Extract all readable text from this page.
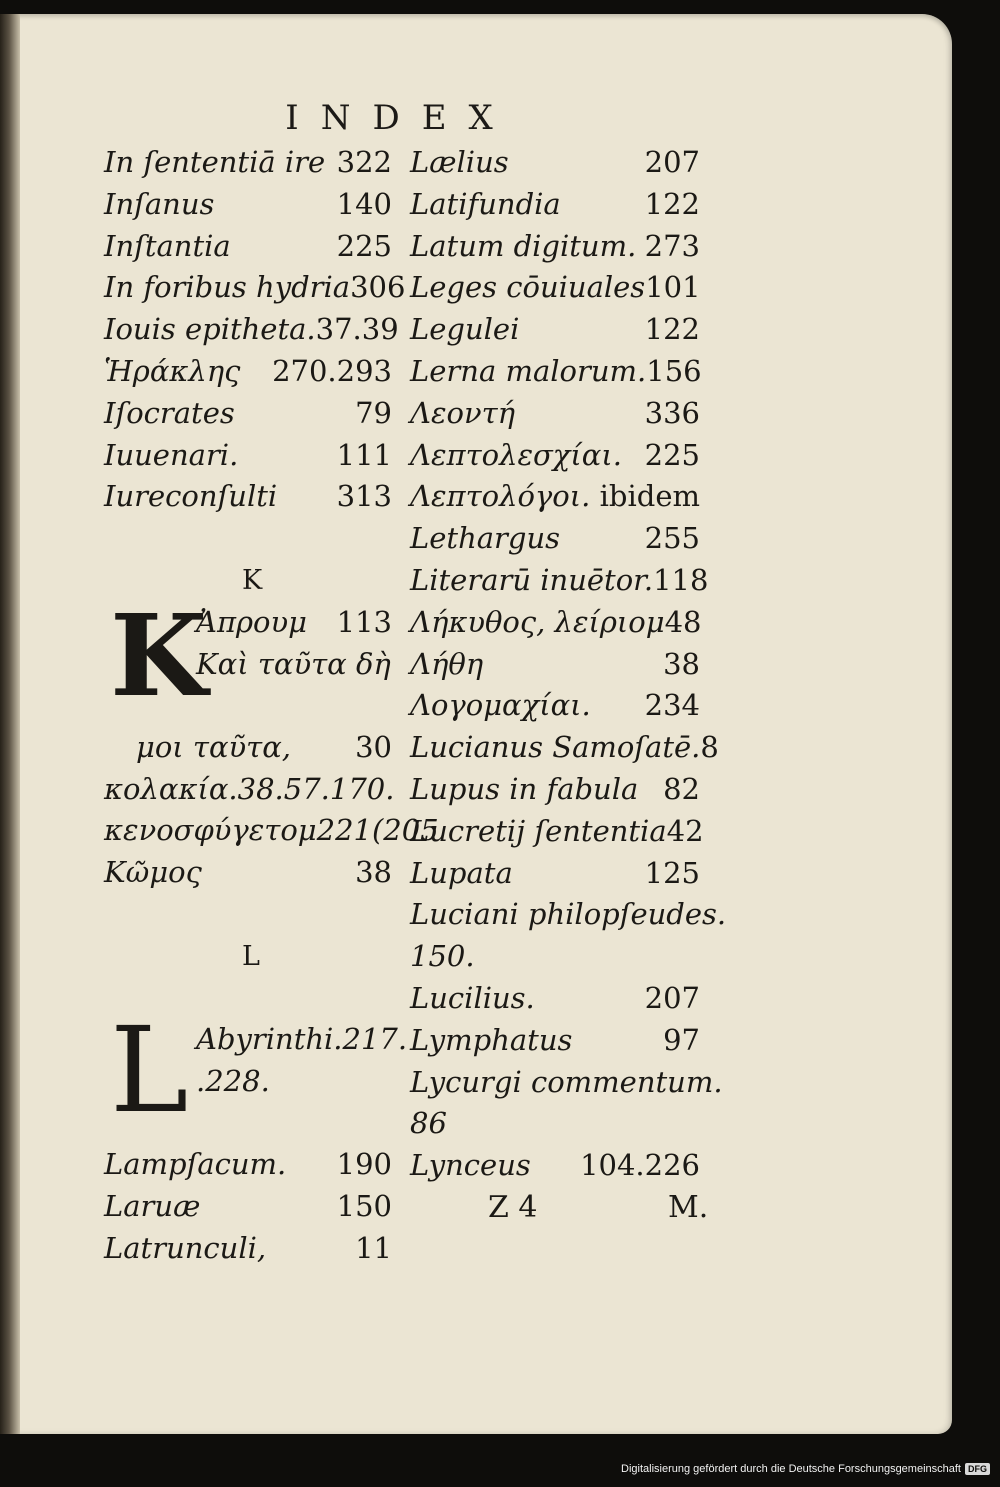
INDEX
In ſententiā ire 322
Inſanus	140
Inſtantia	225
In foribus hydria 306
Iouis epitheta. 37.39
Ἡράκλης 270.293
Iſocrates	79
Iuuenari.	111
Iureconſulti 313
K
K
Ἀπρουμ 113
Καὶ ταῦτα δὴ
μοι ταῦτα, 30
κολακία.38.57.170.
κενοσφύγετομ221(205
Κῶμος	38
L
L Abyrinthi.217.
.228.
Lampſacum. 190
Laruæ	150
Latrunculi,	11
Lælius	207
Latifundia	122
Latum digitum. 273
Leges cōuiuales 101
Legulei	122
Lerna malorum. 156
Λεοντή	336
Λεπτολεσχίαι. 225
Λεπτολόγοι. ibidem
Lethargus	255
Literarū inuētor. 118
Λήκυθος, λείριομ 48
Λήθη	38
Λογομαχίαι. 234
Lucianus Samoſatē. 8
Lupus in fabula 82
Lucretij ſententia 42
Lupata	125
Luciani philopſeudes.
150.
Lucilius.	207
Lymphatus	97
Lycurgi commentum.
86
Lynceus 104.226
Z 4	M.
Digitalisierung gefördert durch die Deutsche Forschungsgemeinschaft DFG
